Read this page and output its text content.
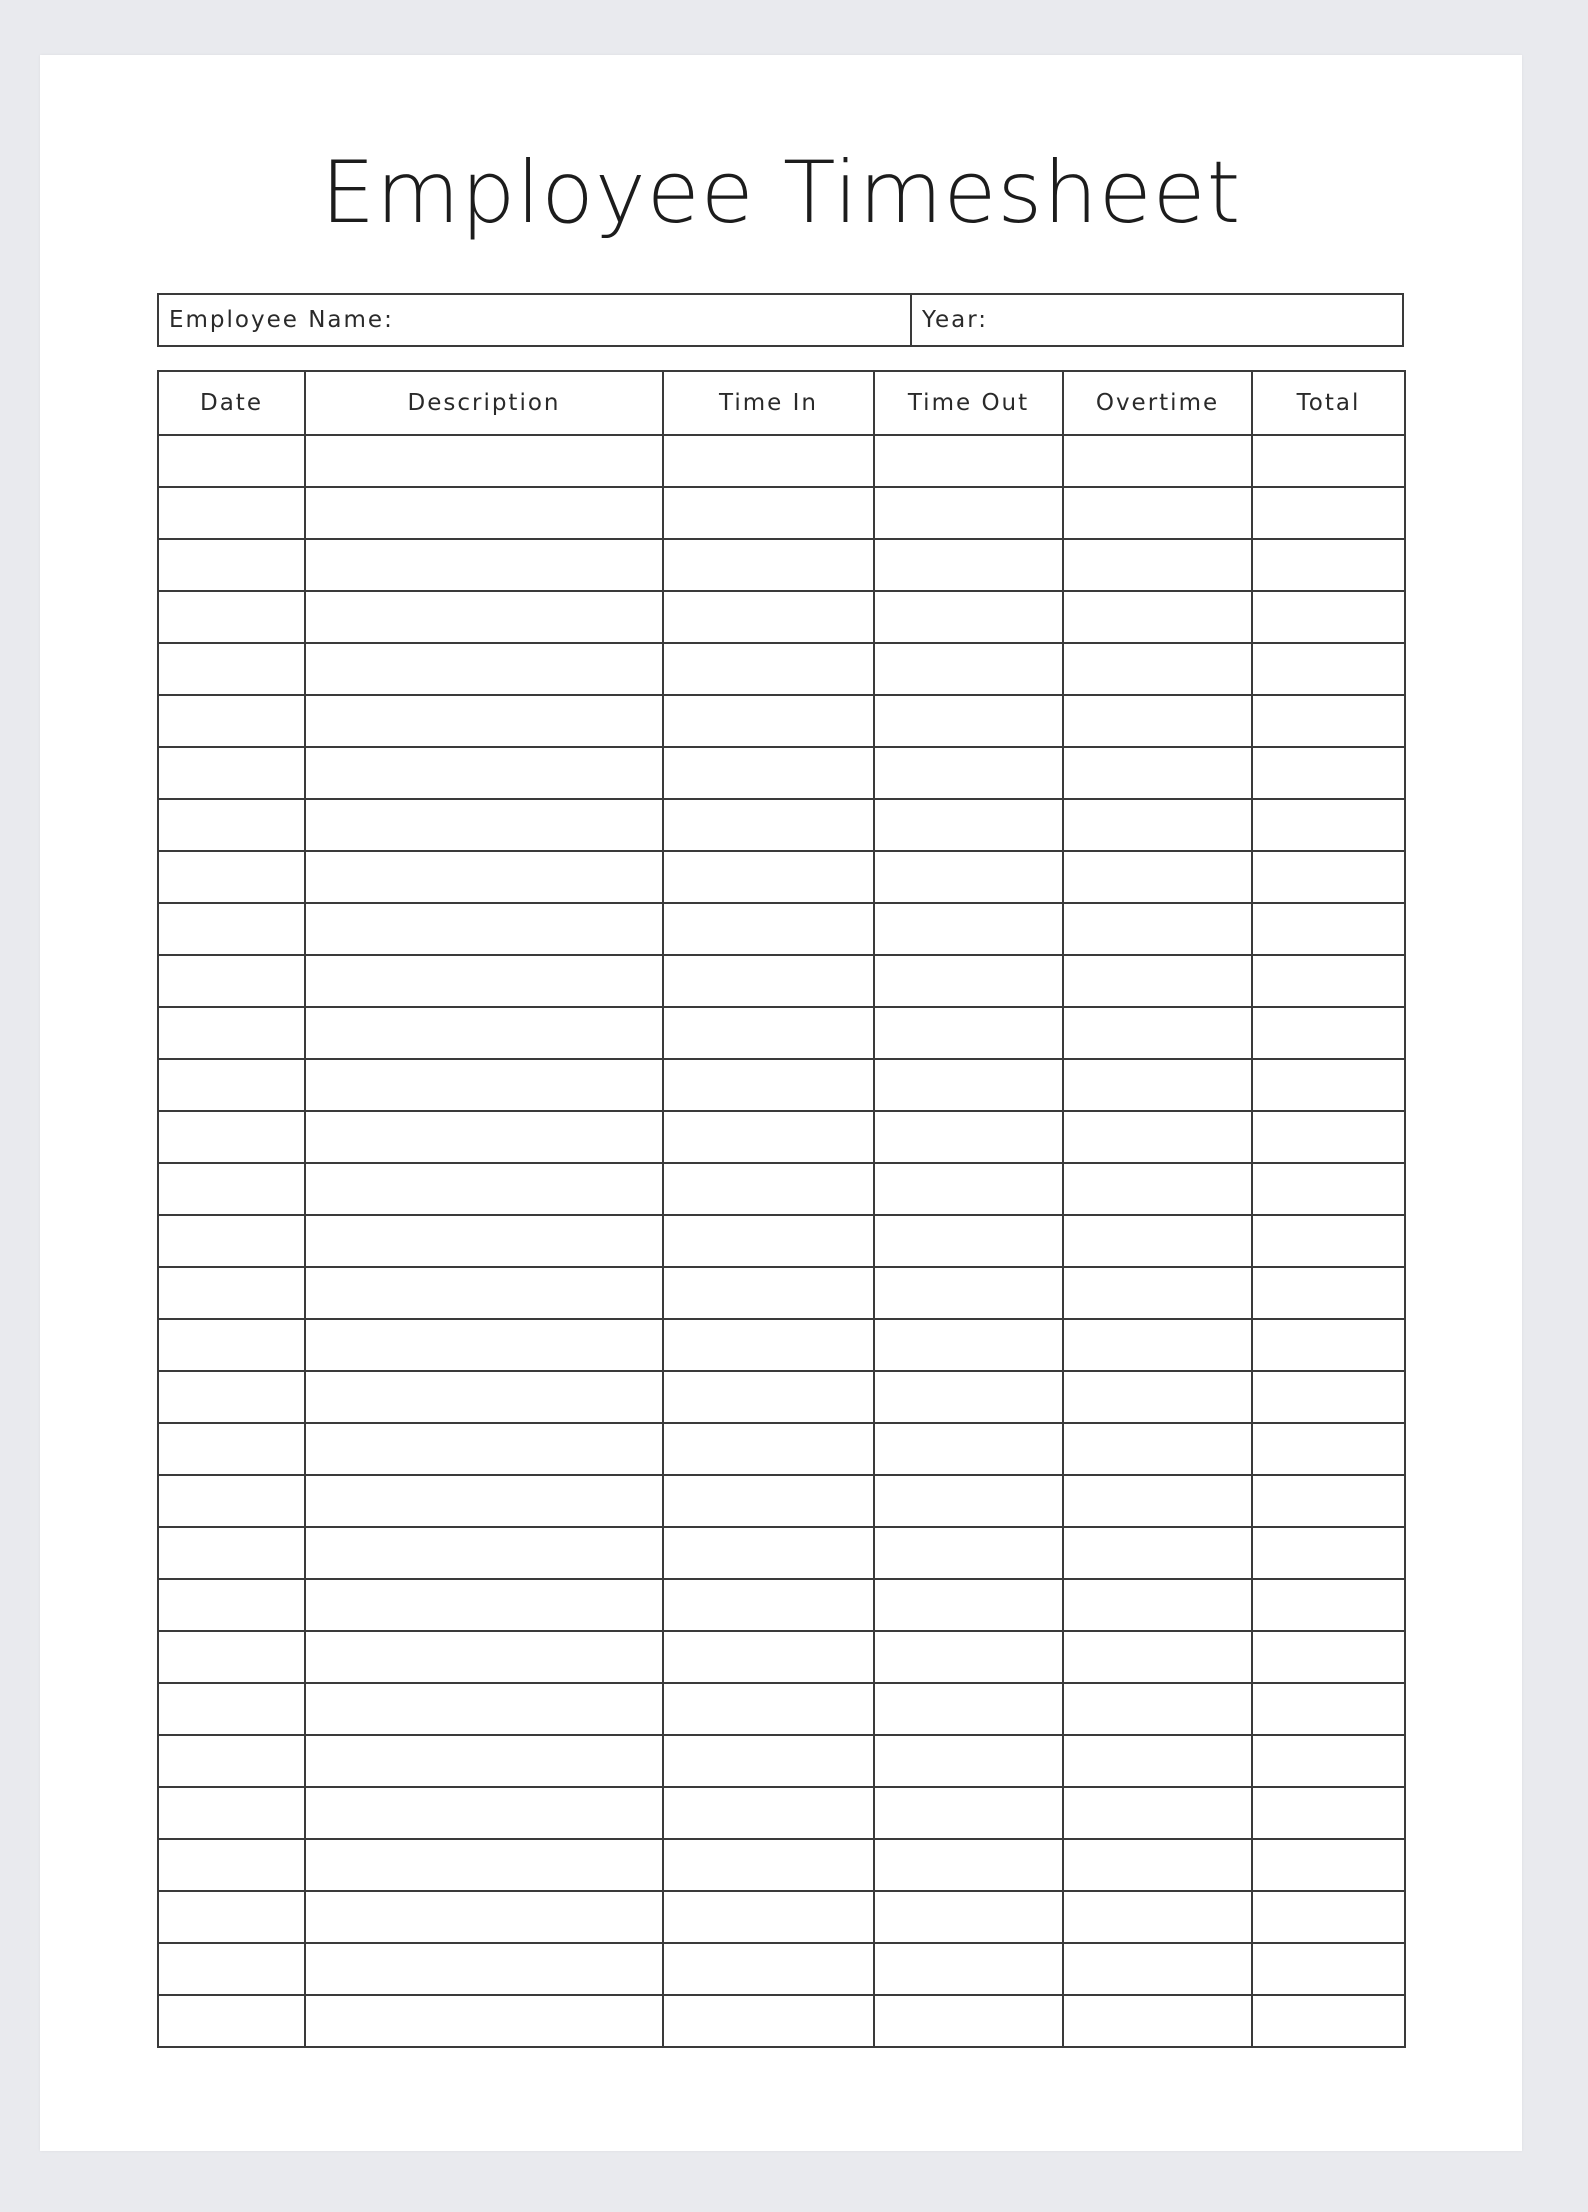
Employee Timesheet
Employee Name:	Year:
Date	Description	Time In	Time Out	Overtime	Total
